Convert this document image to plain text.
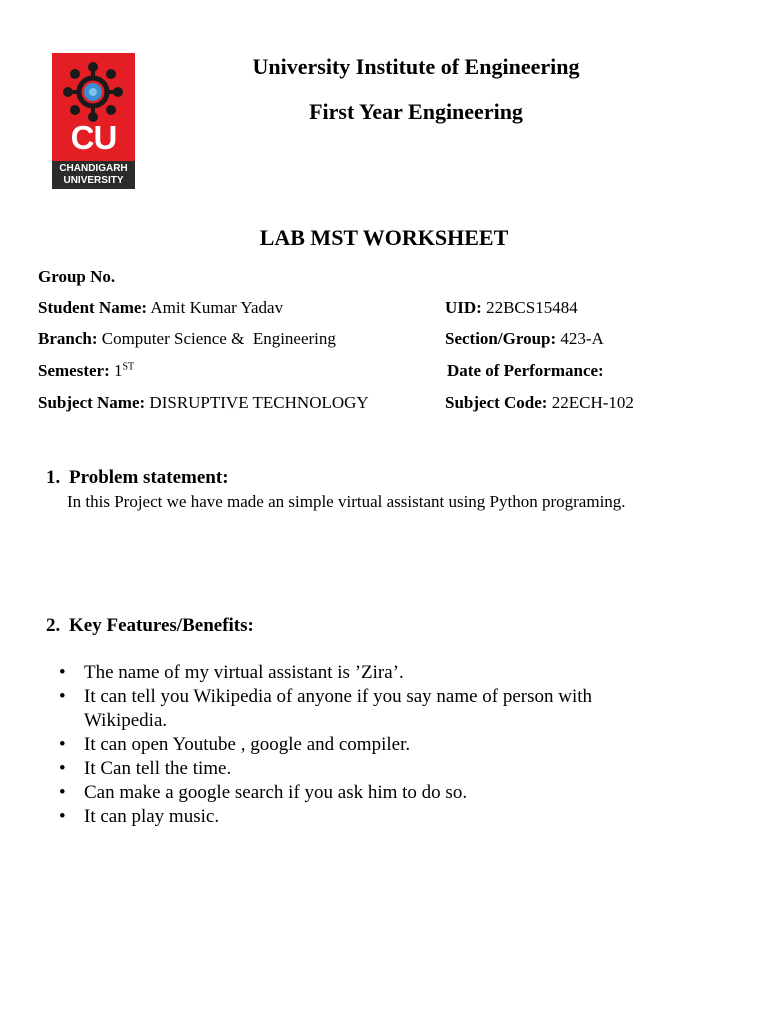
CU
CHANDIGARH
UNIVERSITY
University Institute of Engineering
First Year Engineering
LAB MST WORKSHEET
Group No.
Student Name: Amit Kumar Yadav	UID: 22BCS15484
Branch: Computer Science &  Engineering	Section/Group: 423-A
Semester: 1ST	Date of Performance:
Subject Name: DISRUPTIVE TECHNOLOGY	Subject Code: 22ECH-102
1. Problem statement:
In this Project we have made an simple virtual assistant using Python programing.
2. Key Features/Benefits:
• The name of my virtual assistant is ’Zira’.
• It can tell you Wikipedia of anyone if you say name of person with Wikipedia.
• It can open Youtube , google and compiler.
• It Can tell the time.
• Can make a google search if you ask him to do so.
• It can play music.
